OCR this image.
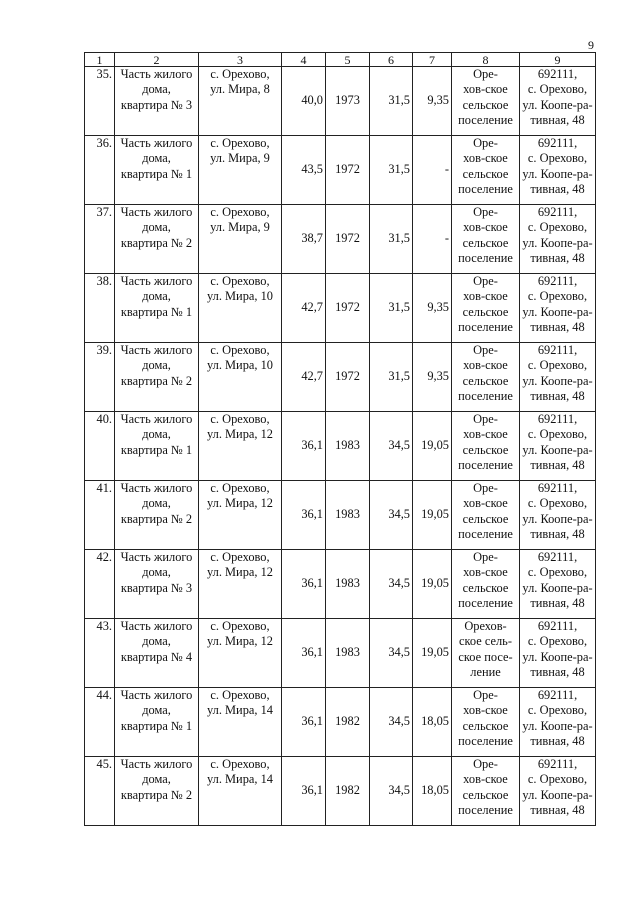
9
1	2	3	4	5	6	7	8	9
35.	Часть жилого
дома,
квартира № 3	с. Орехово,
ул. Мира, 8	40,0	1973	31,5	9,35	Оре-
хов-ское
сельское
поселение	692111,
с. Орехово,
ул. Коопе-ра-
тивная, 48

36.	Часть жилого
дома,
квартира № 1	с. Орехово,
ул. Мира, 9	43,5	1972	31,5	-	Оре-
хов-ское
сельское
поселение	692111,
с. Орехово,
ул. Коопе-ра-
тивная, 48

37.	Часть жилого
дома,
квартира № 2	с. Орехово,
ул. Мира, 9	38,7	1972	31,5	-	Оре-
хов-ское
сельское
поселение	692111,
с. Орехово,
ул. Коопе-ра-
тивная, 48

38.	Часть жилого
дома,
квартира № 1	с. Орехово,
ул. Мира, 10	42,7	1972	31,5	9,35	Оре-
хов-ское
сельское
поселение	692111,
с. Орехово,
ул. Коопе-ра-
тивная, 48

39.	Часть жилого
дома,
квартира № 2	с. Орехово,
ул. Мира, 10	42,7	1972	31,5	9,35	Оре-
хов-ское
сельское
поселение	692111,
с. Орехово,
ул. Коопе-ра-
тивная, 48

40.	Часть жилого
дома,
квартира № 1	с. Орехово,
ул. Мира, 12	36,1	1983	34,5	19,05	Оре-
хов-ское
сельское
поселение	692111,
с. Орехово,
ул. Коопе-ра-
тивная, 48

41.	Часть жилого
дома,
квартира № 2	с. Орехово,
ул. Мира, 12	36,1	1983	34,5	19,05	Оре-
хов-ское
сельское
поселение	692111,
с. Орехово,
ул. Коопе-ра-
тивная, 48

42.	Часть жилого
дома,
квартира № 3	с. Орехово,
ул. Мира, 12	36,1	1983	34,5	19,05	Оре-
хов-ское
сельское
поселение	692111,
с. Орехово,
ул. Коопе-ра-
тивная, 48

43.	Часть жилого
дома,
квартира № 4	с. Орехово,
ул. Мира, 12	36,1	1983	34,5	19,05	Орехов-
ское сель-
ское посе-
ление	692111,
с. Орехово,
ул. Коопе-ра-
тивная, 48

44.	Часть жилого
дома,
квартира № 1	с. Орехово,
ул. Мира, 14	36,1	1982	34,5	18,05	Оре-
хов-ское
сельское
поселение	692111,
с. Орехово,
ул. Коопе-ра-
тивная, 48

45.	Часть жилого
дома,
квартира № 2	с. Орехово,
ул. Мира, 14	36,1	1982	34,5	18,05	Оре-
хов-ское
сельское
поселение	692111,
с. Орехово,
ул. Коопе-ра-
тивная, 48
